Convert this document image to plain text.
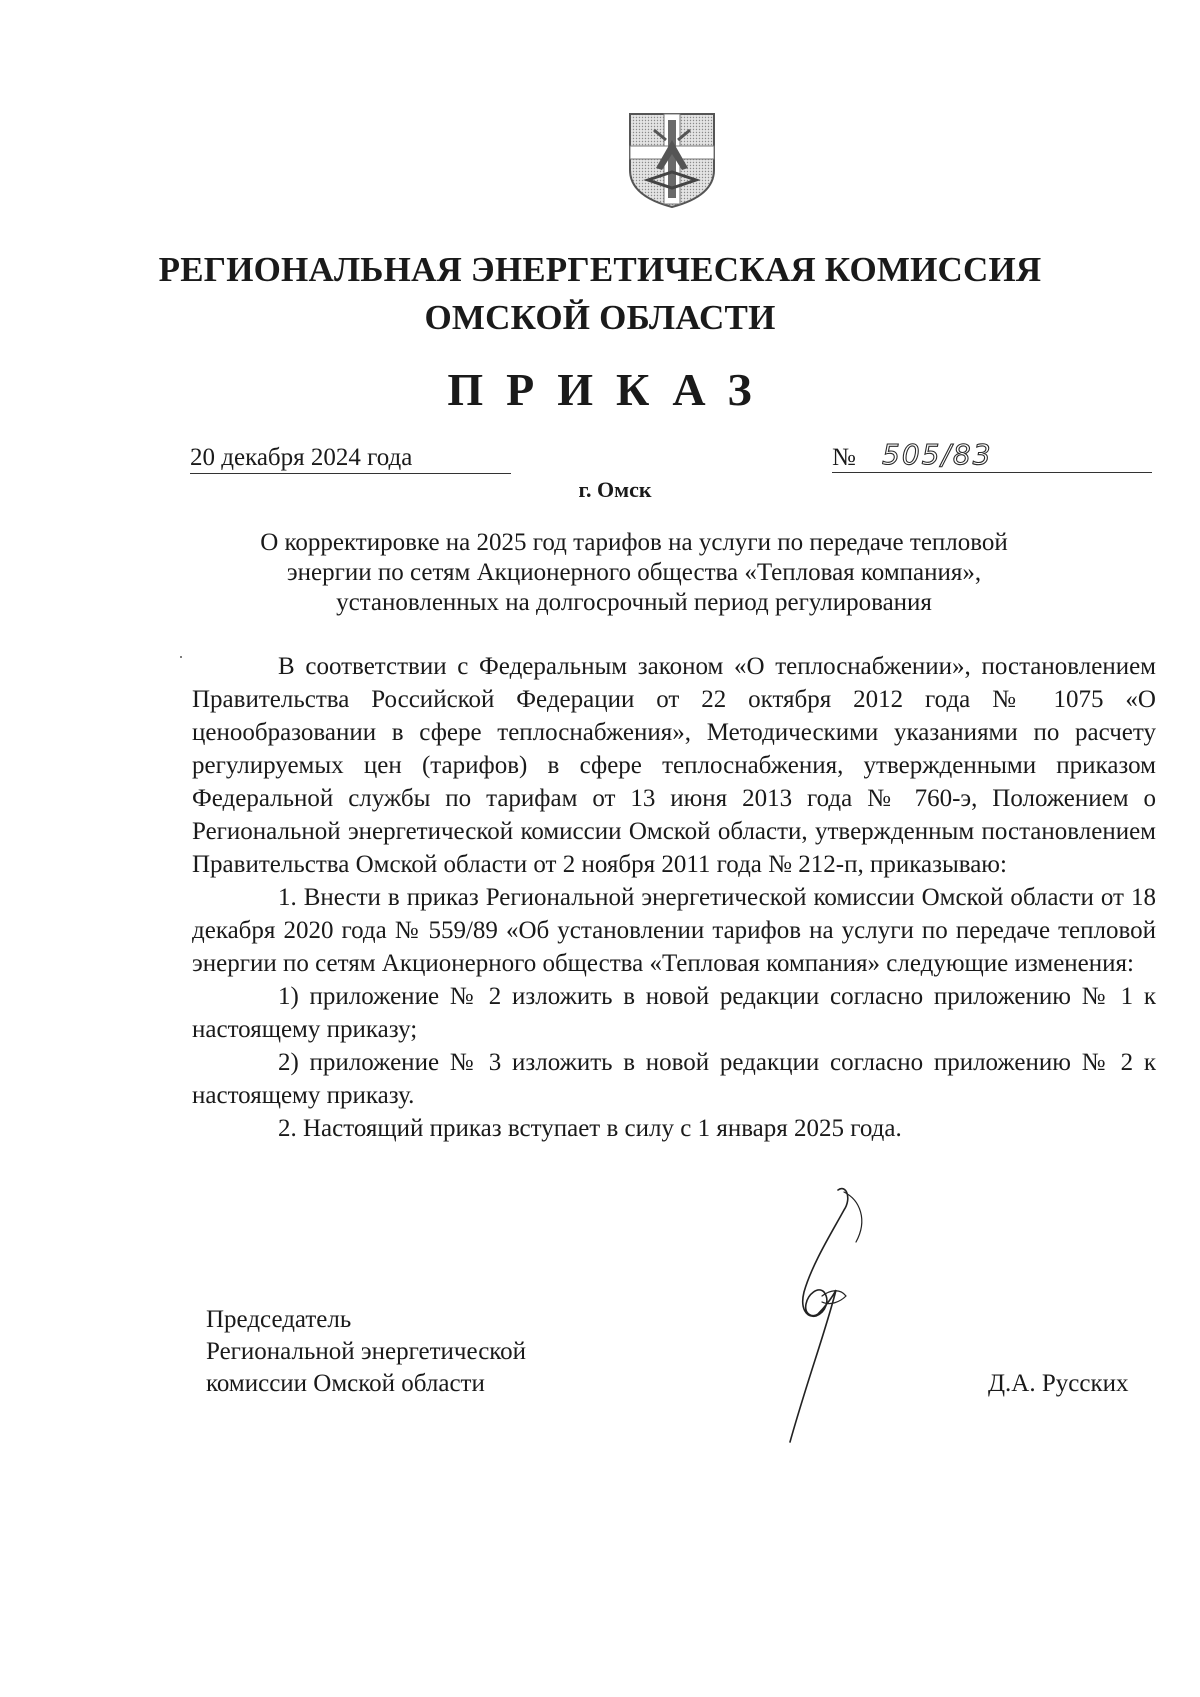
РЕГИОНАЛЬНАЯ ЭНЕРГЕТИЧЕСКАЯ КОМИССИЯ
ОМСКОЙ ОБЛАСТИ
ПРИКАЗ
20 декабря 2024 года	№ 505/83
г. Омск
О корректировке на 2025 год тарифов на услуги по передаче тепловой
энергии по сетям Акционерного общества «Тепловая компания»,
установленных на долгосрочный период регулирования

В соответствии с Федеральным законом «О теплоснабжении», постановлением Правительства Российской Федерации от 22 октября 2012 года № 1075 «О ценообразовании в сфере теплоснабжения», Методическими указаниями по расчету регулируемых цен (тарифов) в сфере теплоснабжения, утвержденными приказом Федеральной службы по тарифам от 13 июня 2013 года № 760-э, Положением о Региональной энергетической комиссии Омской области, утвержденным постановлением Правительства Омской области от 2 ноября 2011 года № 212-п, приказываю:

1. Внести в приказ Региональной энергетической комиссии Омской области от 18 декабря 2020 года № 559/89 «Об установлении тарифов на услуги по передаче тепловой энергии по сетям Акционерного общества «Тепловая компания» следующие изменения:

1) приложение № 2 изложить в новой редакции согласно приложению № 1 к настоящему приказу;

2) приложение № 3 изложить в новой редакции согласно приложению № 2 к настоящему приказу.

2. Настоящий приказ вступает в силу с 1 января 2025 года.

Председатель
Региональной энергетической
комиссии Омской области	Д.А. Русских
